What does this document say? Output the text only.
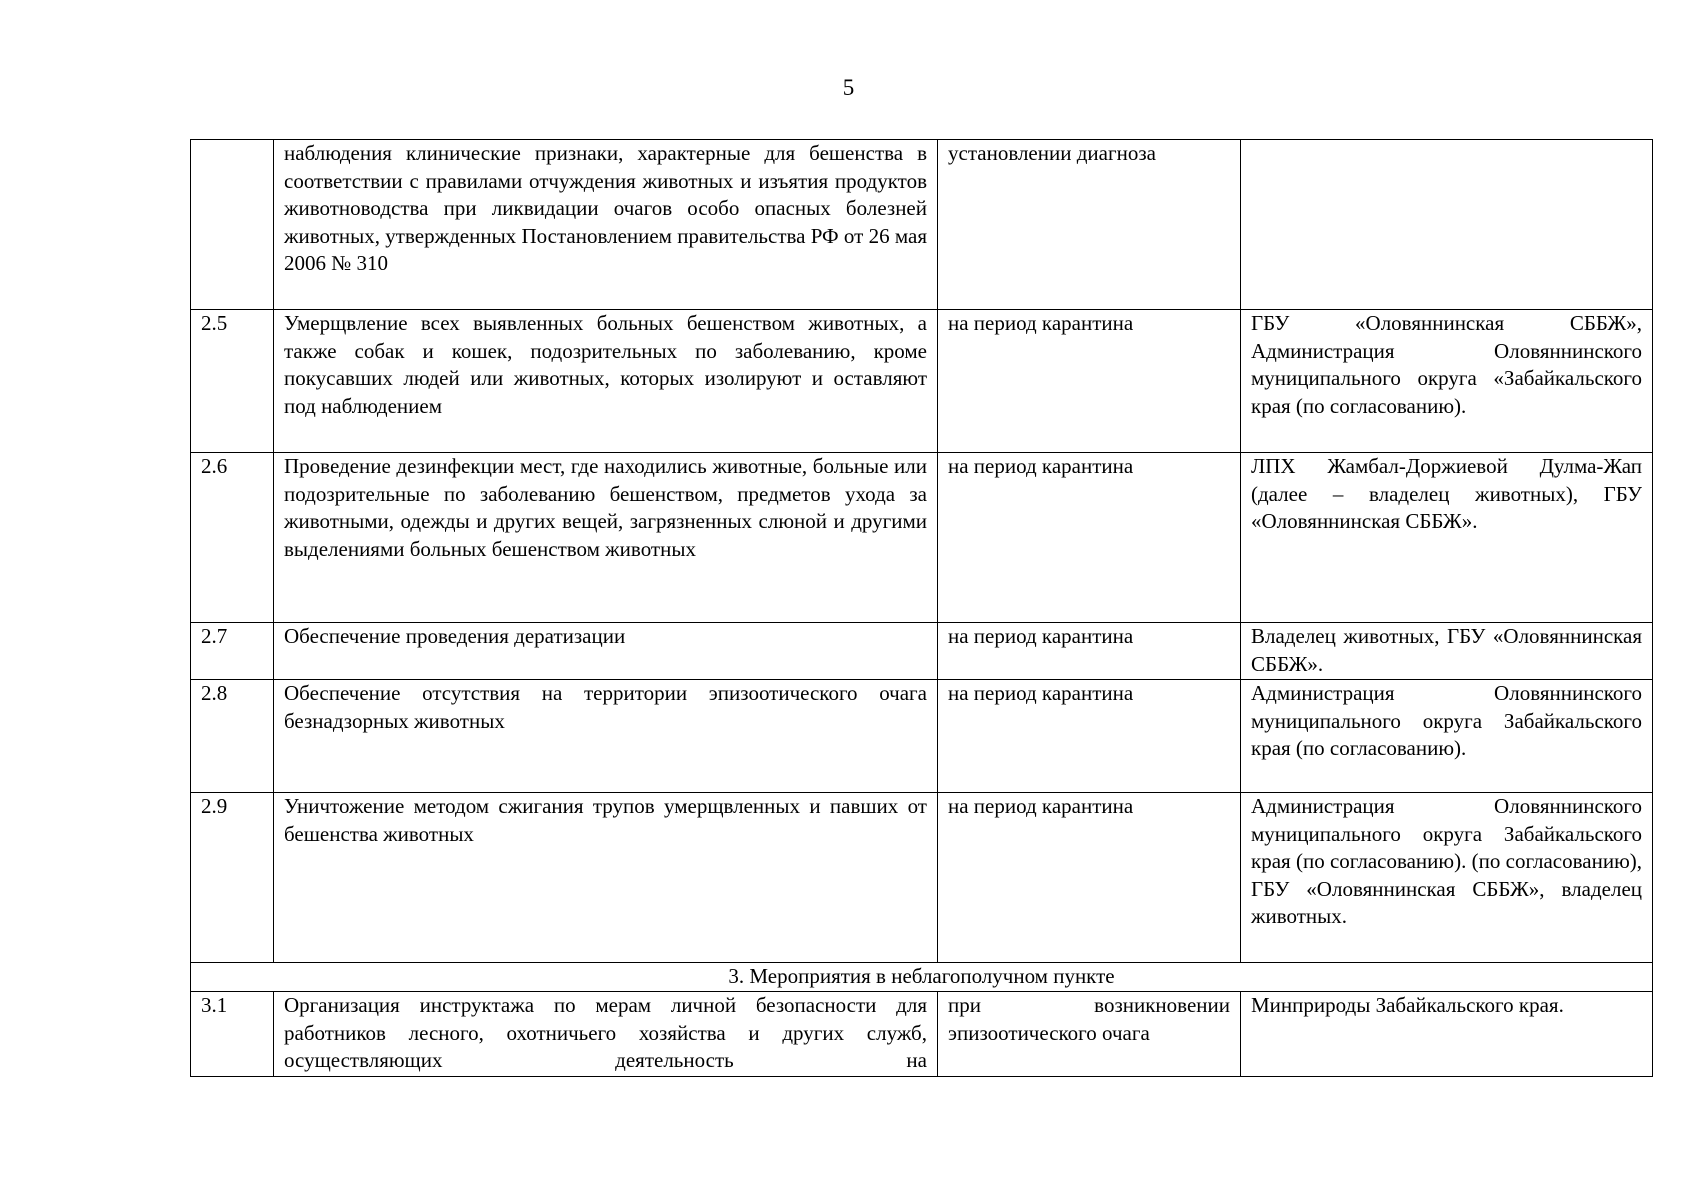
5
	наблюдения клинические признаки, характерные для бешенства в соответствии с правилами отчуждения животных и изъятия продуктов животноводства при ликвидации очагов особо опасных болезней животных, утвержденных Постановлением правительства РФ от 26 мая 2006 № 310	установлении диагноза	
2.5	Умерщвление всех выявленных больных бешенством животных, а также собак и кошек, подозрительных по заболеванию, кроме покусавших людей или животных, которых изолируют и оставляют под наблюдением	на период карантина	ГБУ «Оловяннинская СББЖ», Администрация Оловяннинского муниципального округа «Забайкальского края (по согласованию).
2.6	Проведение дезинфекции мест, где находились животные, больные или подозрительные по заболеванию бешенством, предметов ухода за животными, одежды и других вещей, загрязненных слюной и другими выделениями больных бешенством животных	на период карантина	ЛПХ Жамбал-Доржиевой Дулма-Жап (далее – владелец животных), ГБУ «Оловяннинская СББЖ».
2.7	Обеспечение проведения дератизации	на период карантина	Владелец животных, ГБУ «Оловяннинская СББЖ».
2.8	Обеспечение отсутствия на территории эпизоотического очага безнадзорных животных	на период карантина	Администрация Оловяннинского муниципального округа Забайкальского края (по согласованию).
2.9	Уничтожение методом сжигания трупов умерщвленных и павших от бешенства животных	на период карантина	Администрация Оловяннинского муниципального округа Забайкальского края (по согласованию). (по согласованию), ГБУ «Оловяннинская СББЖ», владелец животных.
3. Мероприятия в неблагополучном пункте			
3.1	Организация инструктажа по мерам личной безопасности для работников лесного, охотничьего хозяйства и других служб, осуществляющих деятельность на	при возникновении эпизоотического очага	Минприроды Забайкальского края.
